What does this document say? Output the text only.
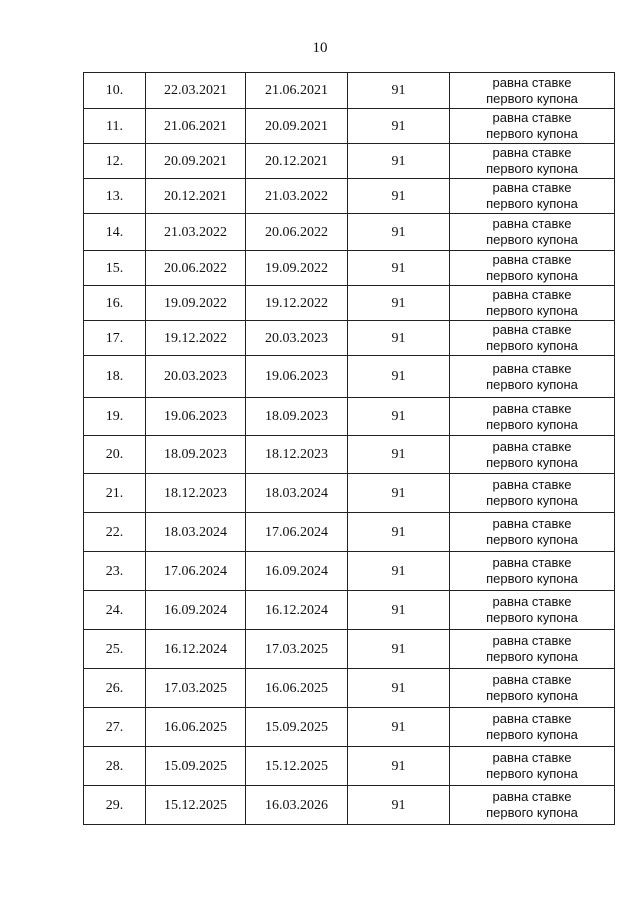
10
10.	22.03.2021	21.06.2021	91	равна ставке
первого купона

11.	21.06.2021	20.09.2021	91	равна ставке
первого купона

12.	20.09.2021	20.12.2021	91	равна ставке
первого купона

13.	20.12.2021	21.03.2022	91	равна ставке
первого купона

14.	21.03.2022	20.06.2022	91	равна ставке
первого купона

15.	20.06.2022	19.09.2022	91	равна ставке
первого купона

16.	19.09.2022	19.12.2022	91	равна ставке
первого купона

17.	19.12.2022	20.03.2023	91	равна ставке
первого купона

18.	20.03.2023	19.06.2023	91	равна ставке
первого купона

19.	19.06.2023	18.09.2023	91	равна ставке
первого купона

20.	18.09.2023	18.12.2023	91	равна ставке
первого купона

21.	18.12.2023	18.03.2024	91	равна ставке
первого купона

22.	18.03.2024	17.06.2024	91	равна ставке
первого купона

23.	17.06.2024	16.09.2024	91	равна ставке
первого купона

24.	16.09.2024	16.12.2024	91	равна ставке
первого купона

25.	16.12.2024	17.03.2025	91	равна ставке
первого купона

26.	17.03.2025	16.06.2025	91	равна ставке
первого купона

27.	16.06.2025	15.09.2025	91	равна ставке
первого купона

28.	15.09.2025	15.12.2025	91	равна ставке
первого купона

29.	15.12.2025	16.03.2026	91	равна ставке
первого купона
